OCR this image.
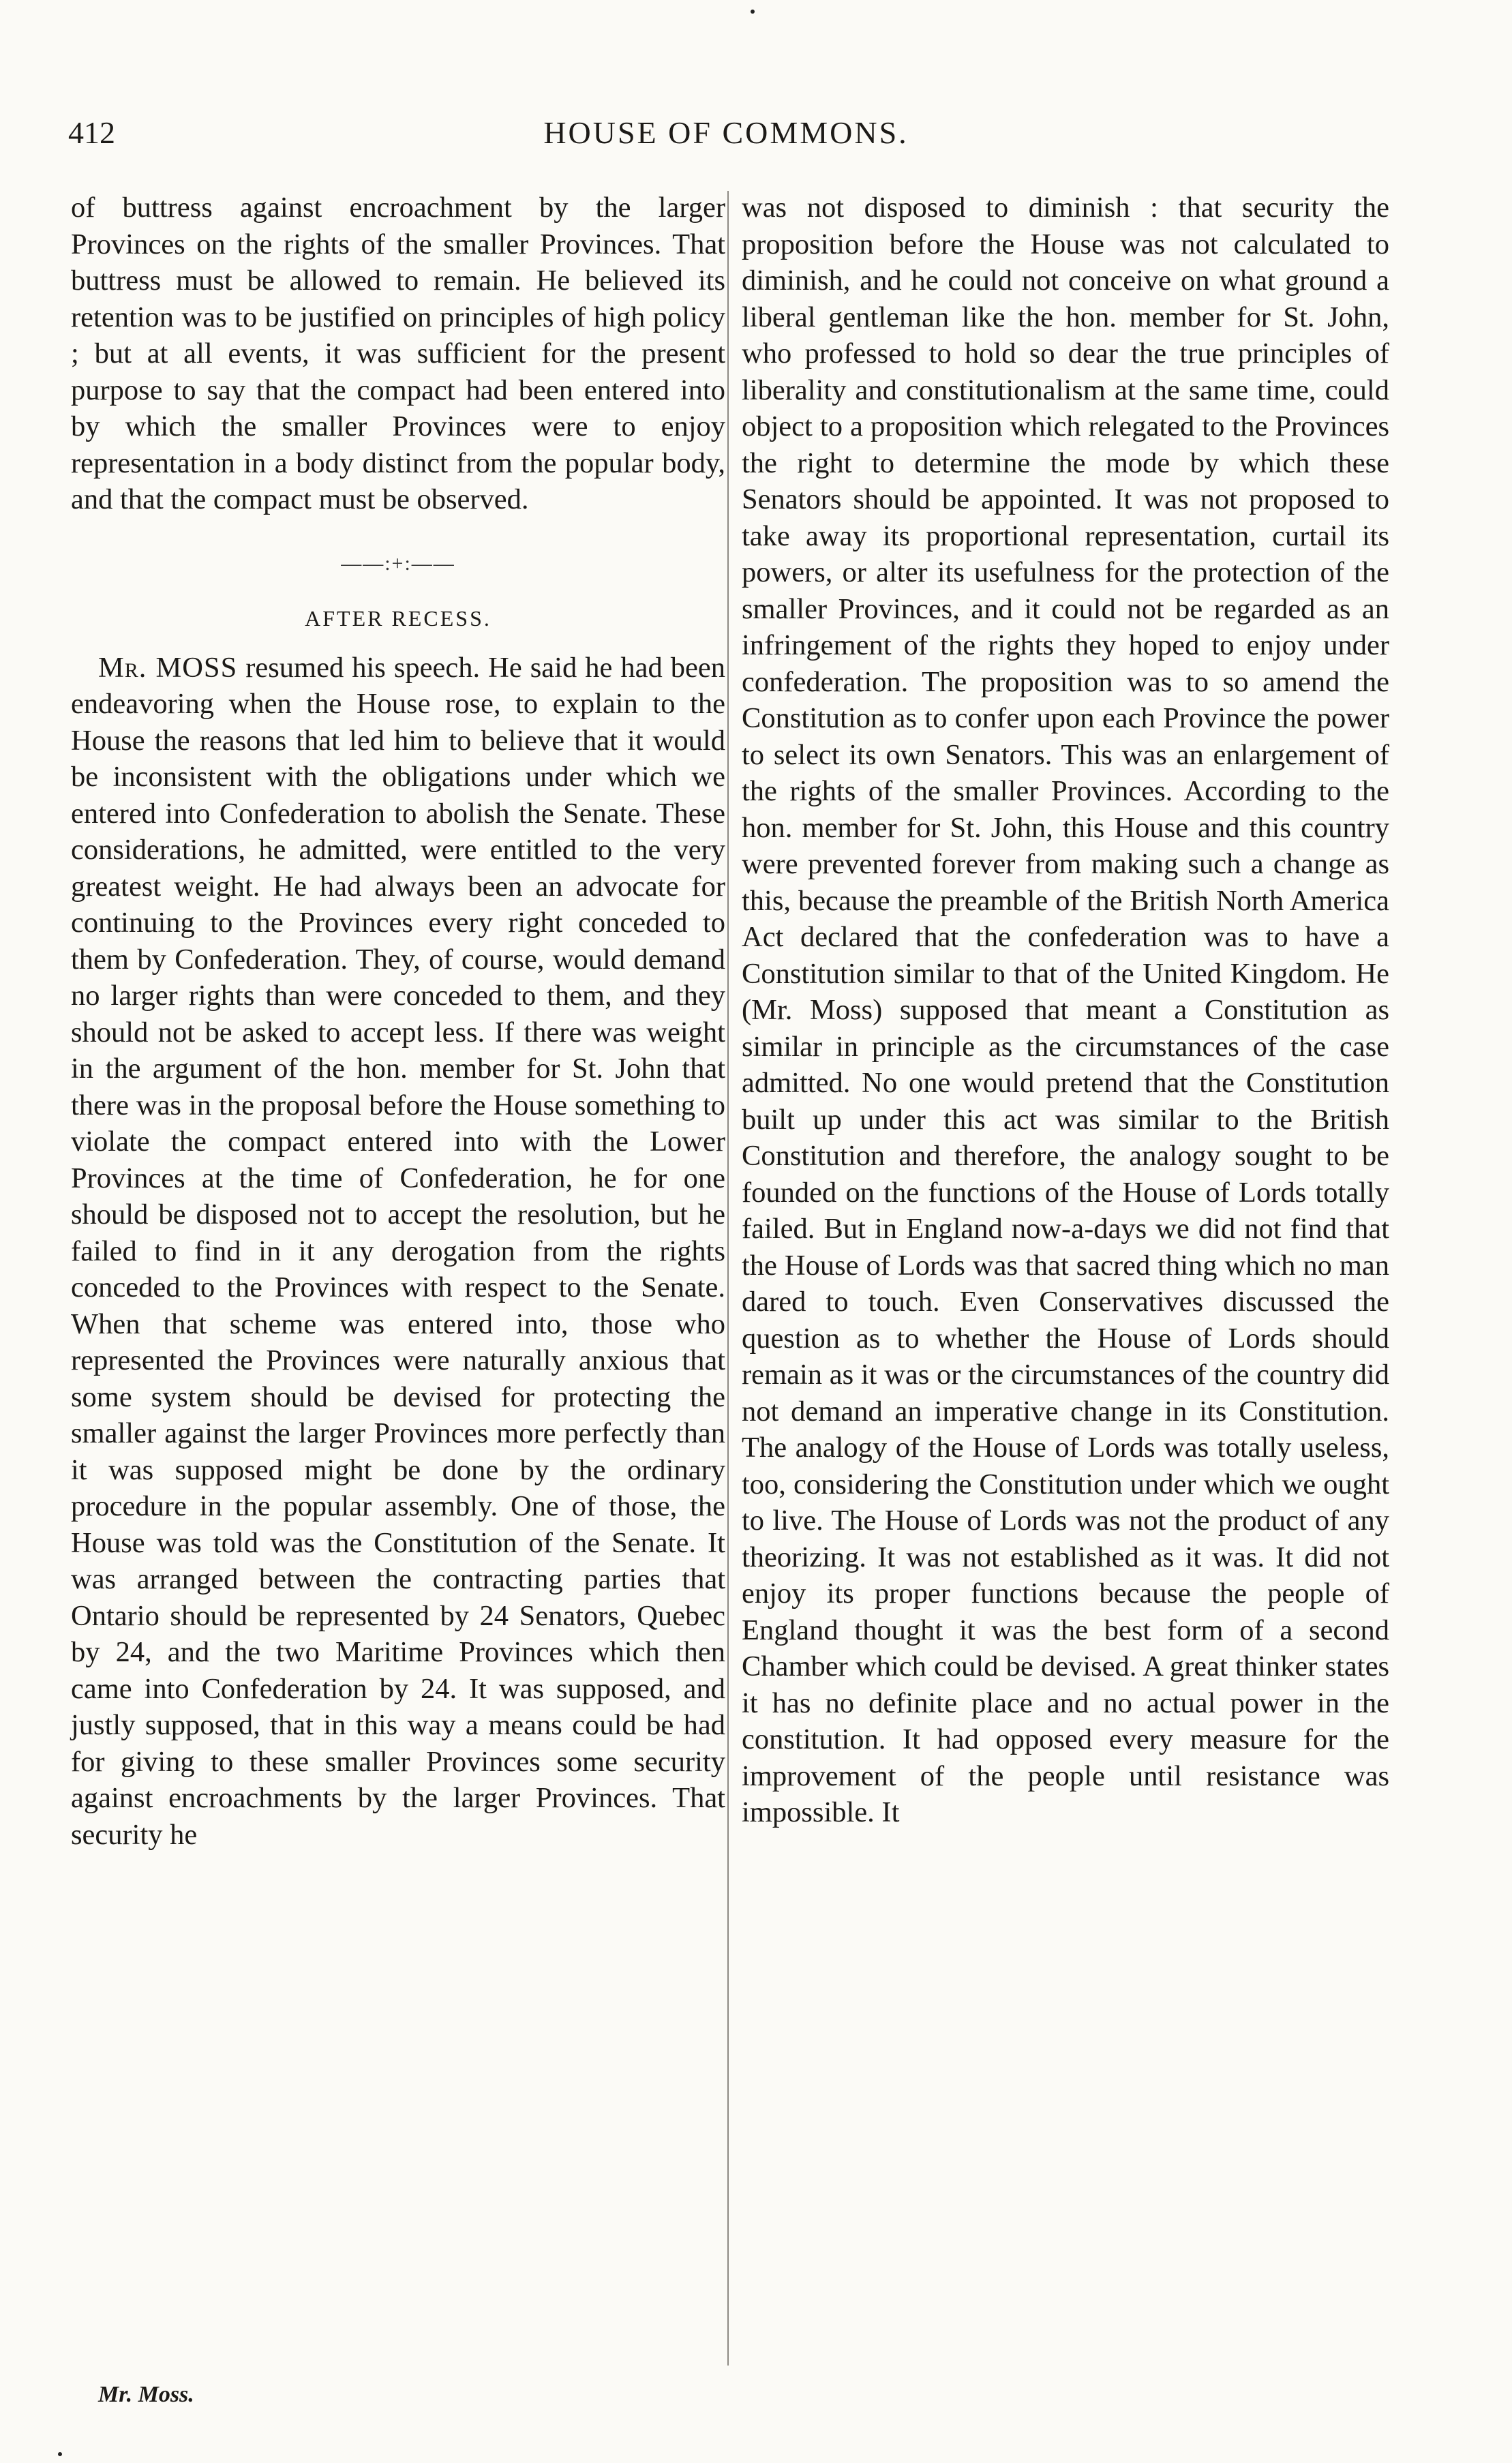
412	HOUSE OF COMMONS.

of buttress against encroachment by the larger Provinces on the rights of the smaller Provinces. That buttress must be allowed to remain. He believed its retention was to be justified on principles of high policy ; but at all events, it was sufficient for the present purpose to say that the compact had been entered into by which the smaller Provinces were to enjoy representation in a body distinct from the popular body, and that the compact must be observed.

——:+:——
AFTER RECESS.

Mr. MOSS resumed his speech. He said he had been endeavoring when the House rose, to explain to the House the reasons that led him to believe that it would be inconsistent with the obligations under which we entered into Confederation to abolish the Senate. These considerations, he admitted, were entitled to the very greatest weight. He had always been an advocate for continuing to the Provinces every right conceded to them by Confederation. They, of course, would demand no larger rights than were conceded to them, and they should not be asked to accept less. If there was weight in the argument of the hon. member for St. John that there was in the proposal before the House something to violate the compact entered into with the Lower Provinces at the time of Confederation, he for one should be disposed not to accept the resolution, but he failed to find in it any derogation from the rights conceded to the Provinces with respect to the Senate. When that scheme was entered into, those who represented the Provinces were naturally anxious that some system should be devised for protecting the smaller against the larger Provinces more perfectly than it was supposed might be done by the ordinary procedure in the popular assembly. One of those, the House was told was the Constitution of the Senate. It was arranged between the contracting parties that Ontario should be represented by 24 Senators, Quebec by 24, and the two Maritime Provinces which then came into Confederation by 24. It was supposed, and justly supposed, that in this way a means could be had for giving to these smaller Provinces some security against encroachments by the larger Provinces. That security he

was not disposed to diminish : that security the proposition before the House was not calculated to diminish, and he could not conceive on what ground a liberal gentleman like the hon. member for St. John, who professed to hold so dear the true principles of liberality and constitutionalism at the same time, could object to a proposition which relegated to the Provinces the right to determine the mode by which these Senators should be appointed. It was not proposed to take away its proportional representation, curtail its powers, or alter its usefulness for the protection of the smaller Provinces, and it could not be regarded as an infringement of the rights they hoped to enjoy under confederation. The proposition was to so amend the Constitution as to confer upon each Province the power to select its own Senators. This was an enlargement of the rights of the smaller Provinces. According to the hon. member for St. John, this House and this country were prevented forever from making such a change as this, because the preamble of the British North America Act declared that the confederation was to have a Constitution similar to that of the United Kingdom. He (Mr. Moss) supposed that meant a Constitution as similar in principle as the circumstances of the case admitted. No one would pretend that the Constitution built up under this act was similar to the British Constitution and therefore, the analogy sought to be founded on the functions of the House of Lords totally failed. But in England now-a-days we did not find that the House of Lords was that sacred thing which no man dared to touch. Even Conservatives discussed the question as to whether the House of Lords should remain as it was or the circumstances of the country did not demand an imperative change in its Constitution. The analogy of the House of Lords was totally useless, too, considering the Constitution under which we ought to live. The House of Lords was not the product of any theorizing. It was not established as it was. It did not enjoy its proper functions because the people of England thought it was the best form of a second Chamber which could be devised. A great thinker states it has no definite place and no actual power in the constitution. It had opposed every measure for the improvement of the people until resistance was impossible. It

Mr. Moss.
